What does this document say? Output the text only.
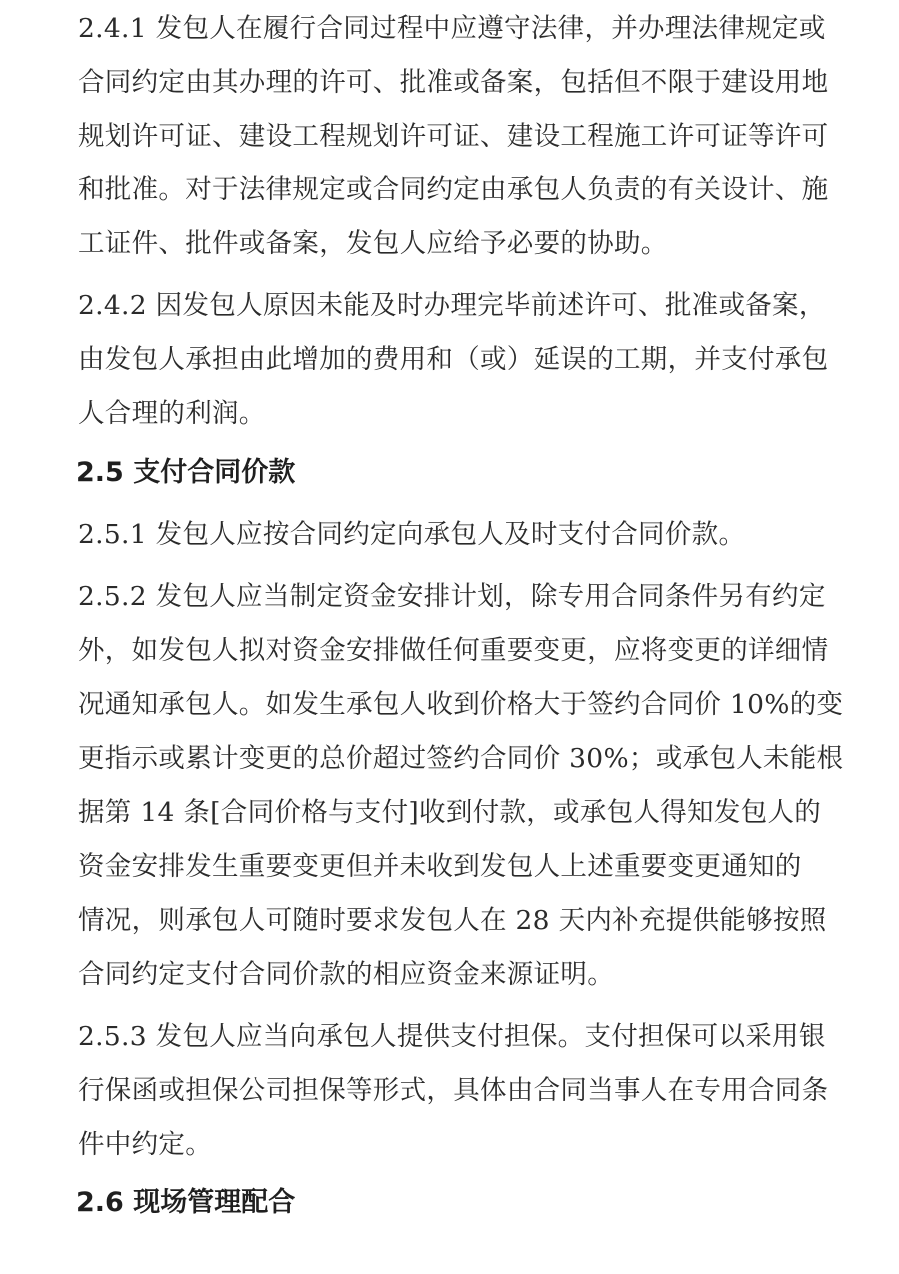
2.4.1 发包人在履行合同过程中应遵守法律，并办理法律规定或
合同约定由其办理的许可、批准或备案，包括但不限于建设用地
规划许可证、建设工程规划许可证、建设工程施工许可证等许可
和批准。对于法律规定或合同约定由承包人负责的有关设计、施
工证件、批件或备案，发包人应给予必要的协助。
2.4.2 因发包人原因未能及时办理完毕前述许可、批准或备案，
由发包人承担由此增加的费用和（或）延误的工期，并支付承包
人合理的利润。
2.5 支付合同价款
2.5.1 发包人应按合同约定向承包人及时支付合同价款。
2.5.2 发包人应当制定资金安排计划，除专用合同条件另有约定
外，如发包人拟对资金安排做任何重要变更，应将变更的详细情
况通知承包人。如发生承包人收到价格大于签约合同价 10%的变
更指示或累计变更的总价超过签约合同价 30%；或承包人未能根
据第 14 条[合同价格与支付]收到付款，或承包人得知发包人的
资金安排发生重要变更但并未收到发包人上述重要变更通知的
情况，则承包人可随时要求发包人在 28 天内补充提供能够按照
合同约定支付合同价款的相应资金来源证明。
2.5.3 发包人应当向承包人提供支付担保。支付担保可以采用银
行保函或担保公司担保等形式，具体由合同当事人在专用合同条
件中约定。
2.6 现场管理配合
